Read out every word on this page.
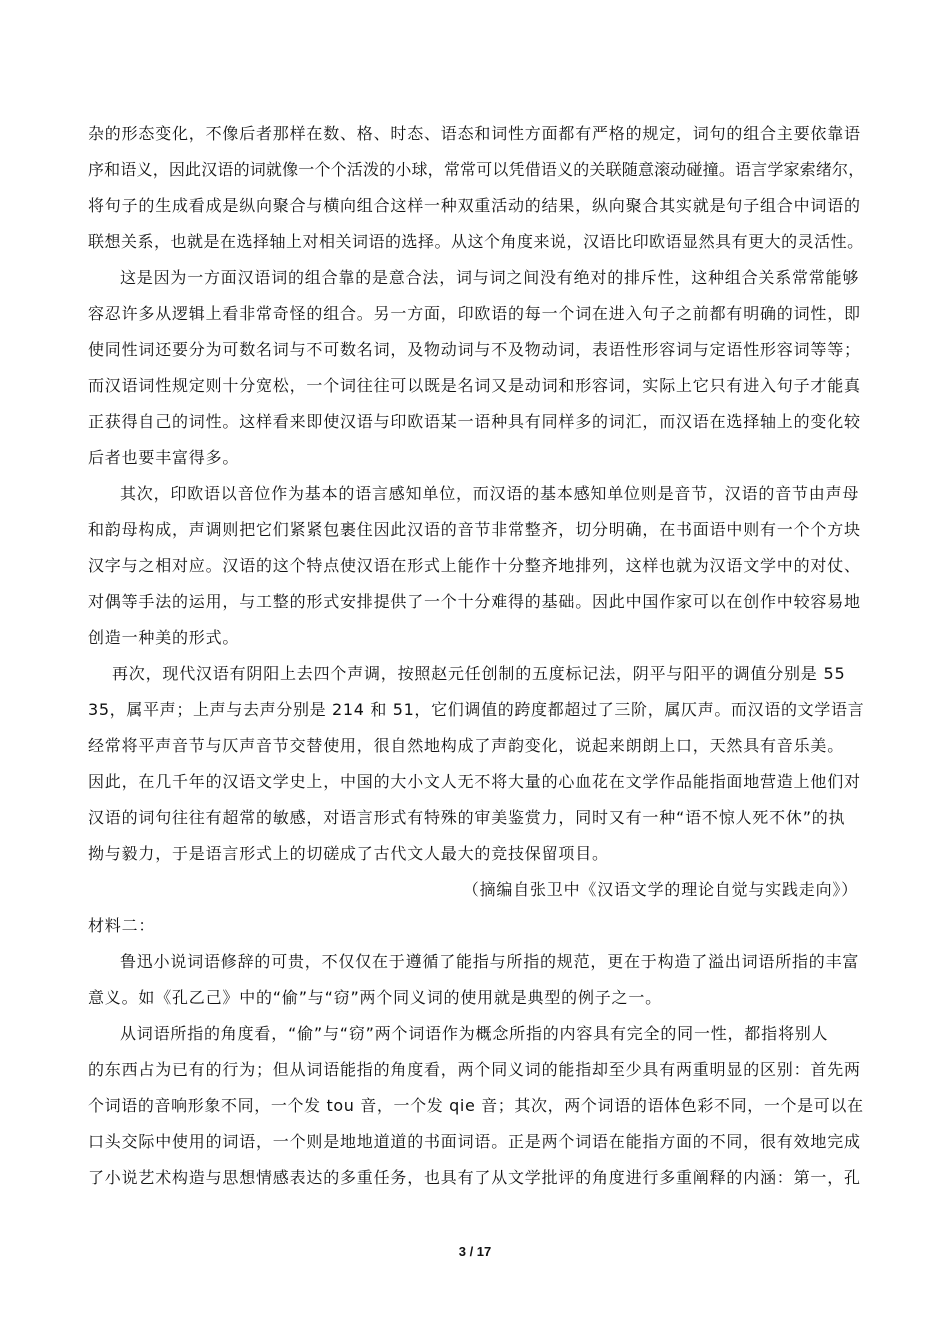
杂的形态变化，不像后者那样在数、格、时态、语态和词性方面都有严格的规定，词句的组合主要依靠语
序和语义，因此汉语的词就像一个个活泼的小球，常常可以凭借语义的关联随意滚动碰撞。语言学家索绪尔，
将句子的生成看成是纵向聚合与横向组合这样一种双重活动的结果，纵向聚合其实就是句子组合中词语的
联想关系，也就是在选择轴上对相关词语的选择。从这个角度来说，汉语比印欧语显然具有更大的灵活性。
这是因为一方面汉语词的组合靠的是意合法，词与词之间没有绝对的排斥性，这种组合关系常常能够
容忍许多从逻辑上看非常奇怪的组合。另一方面，印欧语的每一个词在进入句子之前都有明确的词性，即
使同性词还要分为可数名词与不可数名词，及物动词与不及物动词，表语性形容词与定语性形容词等等；
而汉语词性规定则十分宽松，一个词往往可以既是名词又是动词和形容词，实际上它只有进入句子才能真
正获得自己的词性。这样看来即使汉语与印欧语某一语种具有同样多的词汇，而汉语在选择轴上的变化较
后者也要丰富得多。
其次，印欧语以音位作为基本的语言感知单位，而汉语的基本感知单位则是音节，汉语的音节由声母
和韵母构成，声调则把它们紧紧包裹住因此汉语的音节非常整齐，切分明确，在书面语中则有一个个方块
汉字与之相对应。汉语的这个特点使汉语在形式上能作十分整齐地排列，这样也就为汉语文学中的对仗、
对偶等手法的运用，与工整的形式安排提供了一个十分难得的基础。因此中国作家可以在创作中较容易地
创造一种美的形式。
再次，现代汉语有阴阳上去四个声调，按照赵元任创制的五度标记法，阴平与阳平的调值分别是 55
35，属平声；上声与去声分别是 214 和 51，它们调值的跨度都超过了三阶，属仄声。而汉语的文学语言
经常将平声音节与仄声音节交替使用，很自然地构成了声韵变化，说起来朗朗上口，天然具有音乐美。
因此，在几千年的汉语文学史上，中国的大小文人无不将大量的心血花在文学作品能指面地营造上他们对
汉语的词句往往有超常的敏感，对语言形式有特殊的审美鉴赏力，同时又有一种“语不惊人死不休”的执
拗与毅力，于是语言形式上的切磋成了古代文人最大的竞技保留项目。
（摘编自张卫中《汉语文学的理论自觉与实践走向》）
材料二：
鲁迅小说词语修辞的可贵，不仅仅在于遵循了能指与所指的规范，更在于构造了溢出词语所指的丰富
意义。如《孔乙己》中的“偷”与“窃”两个同义词的使用就是典型的例子之一。
从词语所指的角度看，“偷”与“窃”两个词语作为概念所指的内容具有完全的同一性，都指将别人
的东西占为已有的行为；但从词语能指的角度看，两个同义词的能指却至少具有两重明显的区别：首先两
个词语的音响形象不同，一个发 tou 音，一个发 qie 音；其次，两个词语的语体色彩不同，一个是可以在
口头交际中使用的词语，一个则是地地道道的书面词语。正是两个词语在能指方面的不同，很有效地完成
了小说艺术构造与思想情感表达的多重任务，也具有了从文学批评的角度进行多重阐释的内涵：第一，孔
3 / 17
